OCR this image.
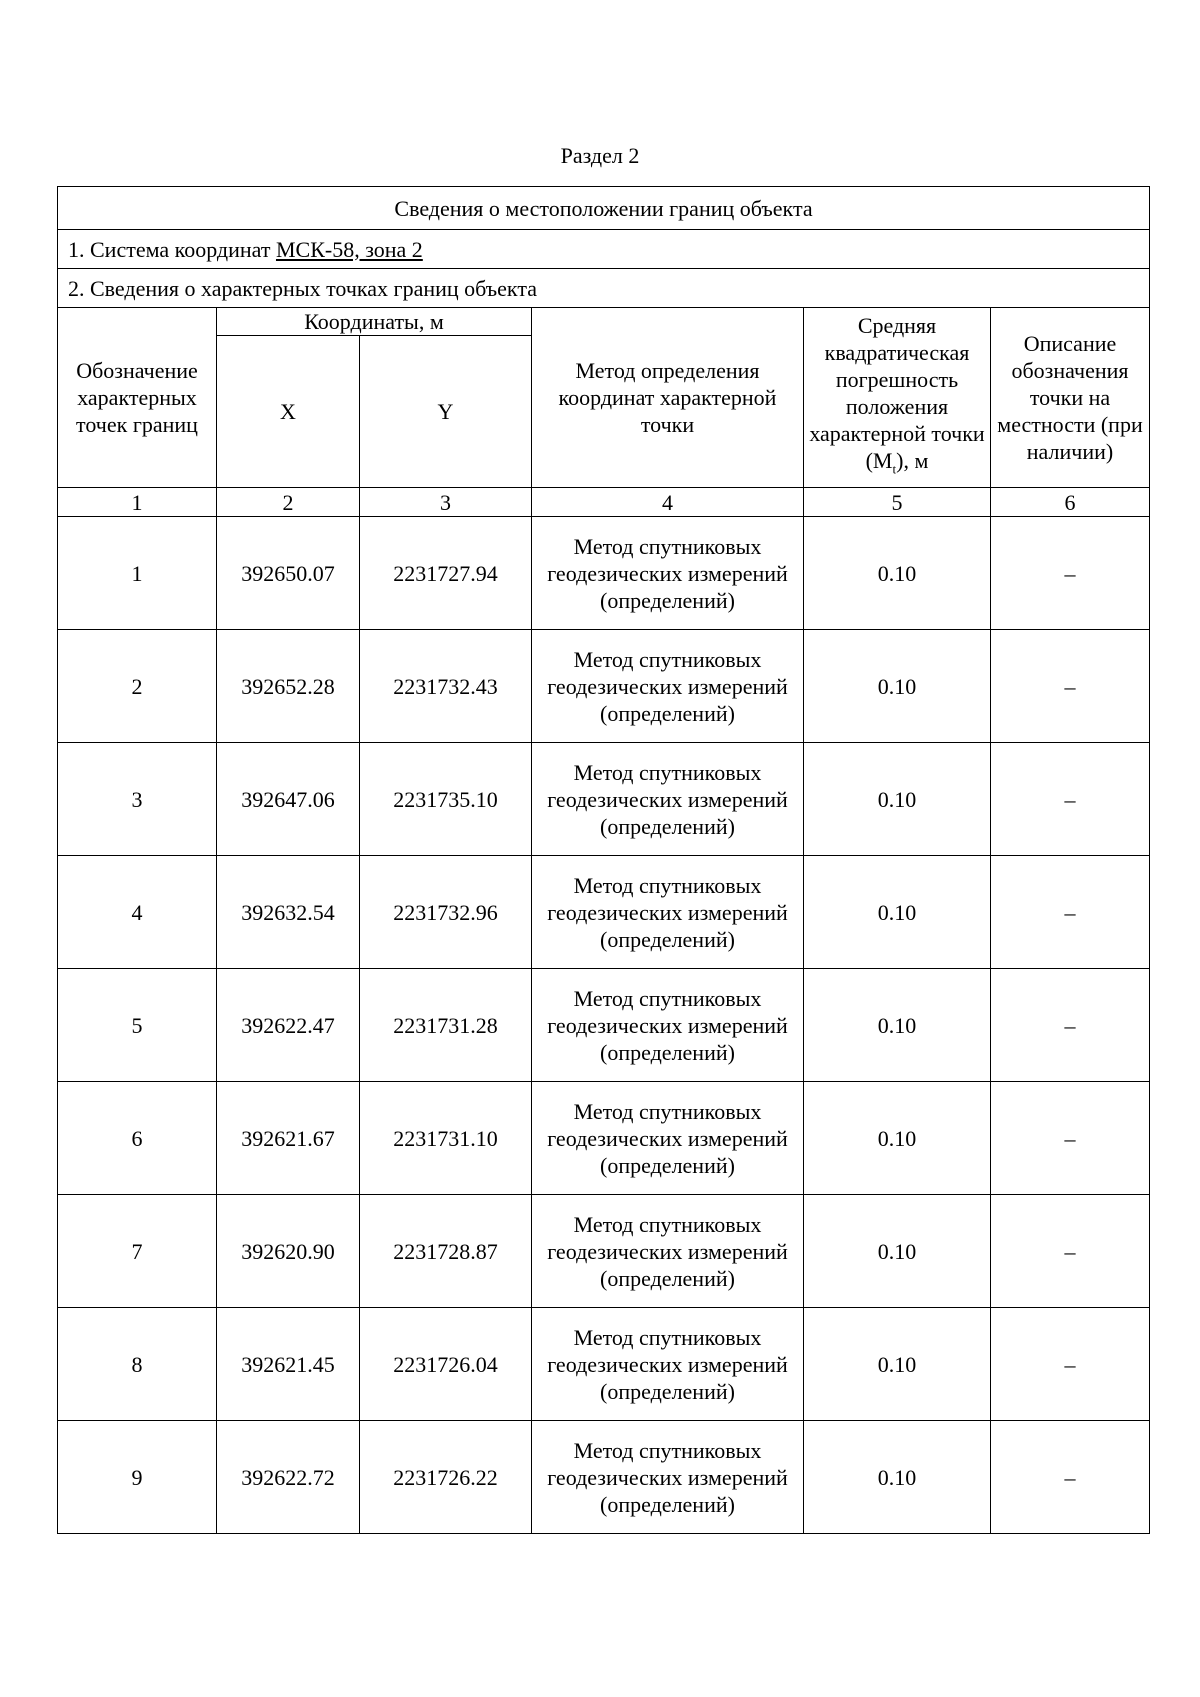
Раздел 2
Сведения о местоположении границ объекта					
1. Система координат МСК-58, зона 2					
2. Сведения о характерных точках границ объекта					
Обозначение характерных точек границ	Координаты, м		Метод определения координат характерной точки	Средняя квадратическая погрешность положения характерной точки $(M_t)$, м	Описание обозначения точки на местности (при наличии)
	X	Y			
1	2	3	4	5	6
1	392650.07	2231727.94	Метод спутниковых геодезических измерений (определений)	0.10	–
2	392652.28	2231732.43	Метод спутниковых геодезических измерений (определений)	0.10	–
3	392647.06	2231735.10	Метод спутниковых геодезических измерений (определений)	0.10	–
4	392632.54	2231732.96	Метод спутниковых геодезических измерений (определений)	0.10	–
5	392622.47	2231731.28	Метод спутниковых геодезических измерений (определений)	0.10	–
6	392621.67	2231731.10	Метод спутниковых геодезических измерений (определений)	0.10	–
7	392620.90	2231728.87	Метод спутниковых геодезических измерений (определений)	0.10	–
8	392621.45	2231726.04	Метод спутниковых геодезических измерений (определений)	0.10	–
9	392622.72	2231726.22	Метод спутниковых геодезических измерений (определений)	0.10	–
